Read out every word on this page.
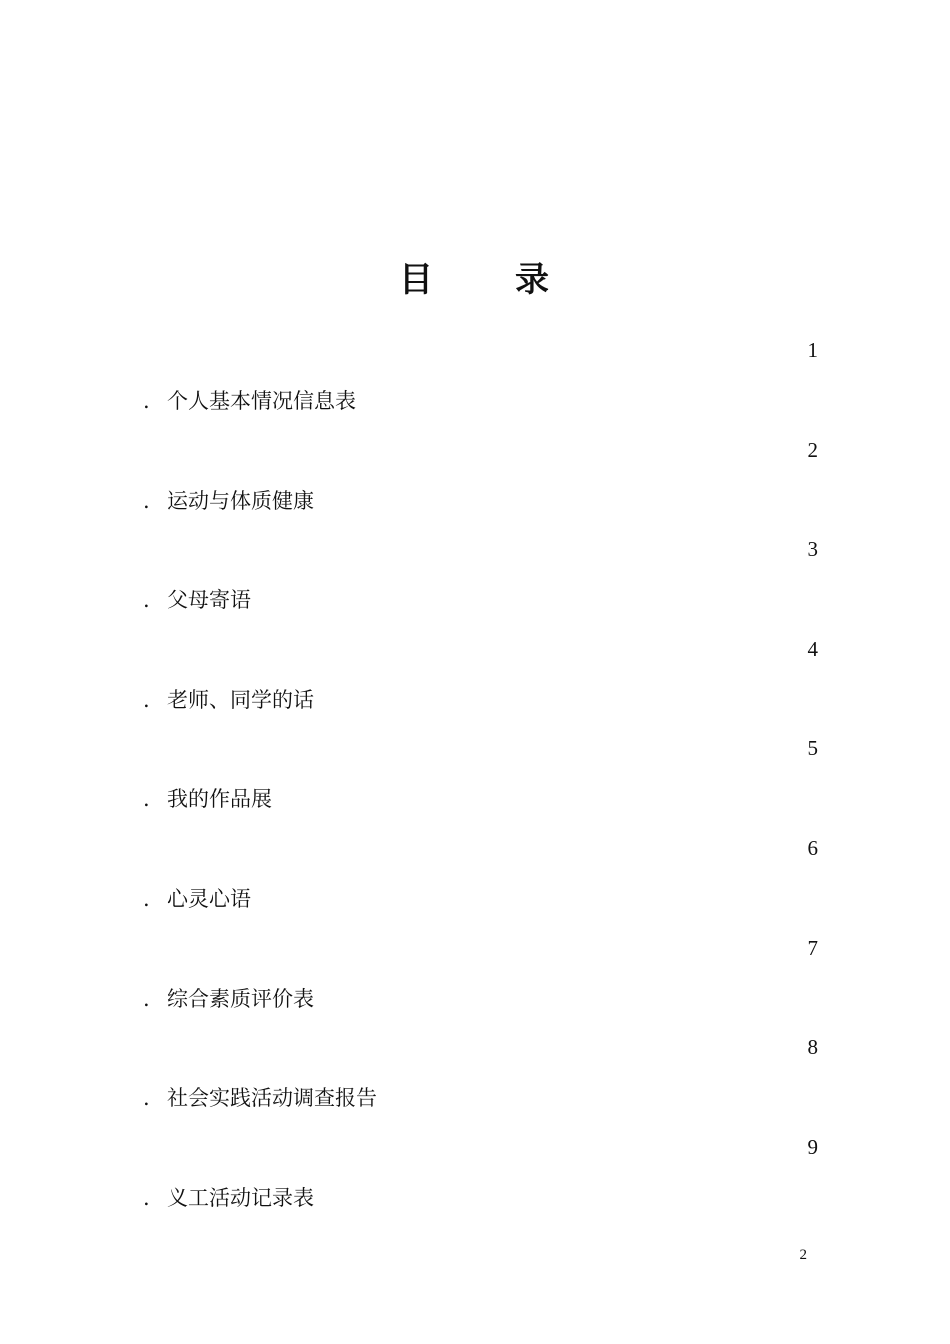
目 录
1
. 个人基本情况信息表
2
. 运动与体质健康
3
. 父母寄语
4
. 老师、同学的话
5
. 我的作品展
6
. 心灵心语
7
. 综合素质评价表
8
. 社会实践活动调查报告
9
. 义工活动记录表
2
